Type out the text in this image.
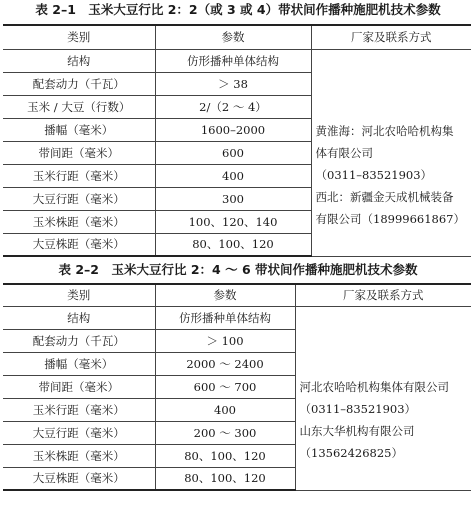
表 2–1　玉米大豆行比 2：2（或 3 或 4）带状间作播种施肥机技术参数
类别	参数	厂家及联系方式
结构	仿形播种单体结构	黄淮海：河北农哈哈机构集
体有限公司
（0311–83521903）
西北：新疆金天成机械装备
有限公司（18999661867）

配套动力（千瓦）	＞ 38	
玉米 / 大豆（行数）	2/（2 ～ 4）	
播幅（毫米）	1600–2000	
带间距（毫米）	600	
玉米行距（毫米）	400	
大豆行距（毫米）	300	
玉米株距（毫米）	100、120、140	
大豆株距（毫米）	80、100、120	
表 2–2　玉米大豆行比 2：4 ～ 6 带状间作播种施肥机技术参数
类别	参数	厂家及联系方式
结构	仿形播种单体结构	河北农哈哈机构集体有限公司
（0311–83521903）
山东大华机构有限公司
（13562426825）

配套动力（千瓦）	＞ 100	
播幅（毫米）	2000 ～ 2400	
带间距（毫米）	600 ～ 700	
玉米行距（毫米）	400	
大豆行距（毫米）	200 ～ 300	
玉米株距（毫米）	80、100、120	
大豆株距（毫米）	80、100、120	
